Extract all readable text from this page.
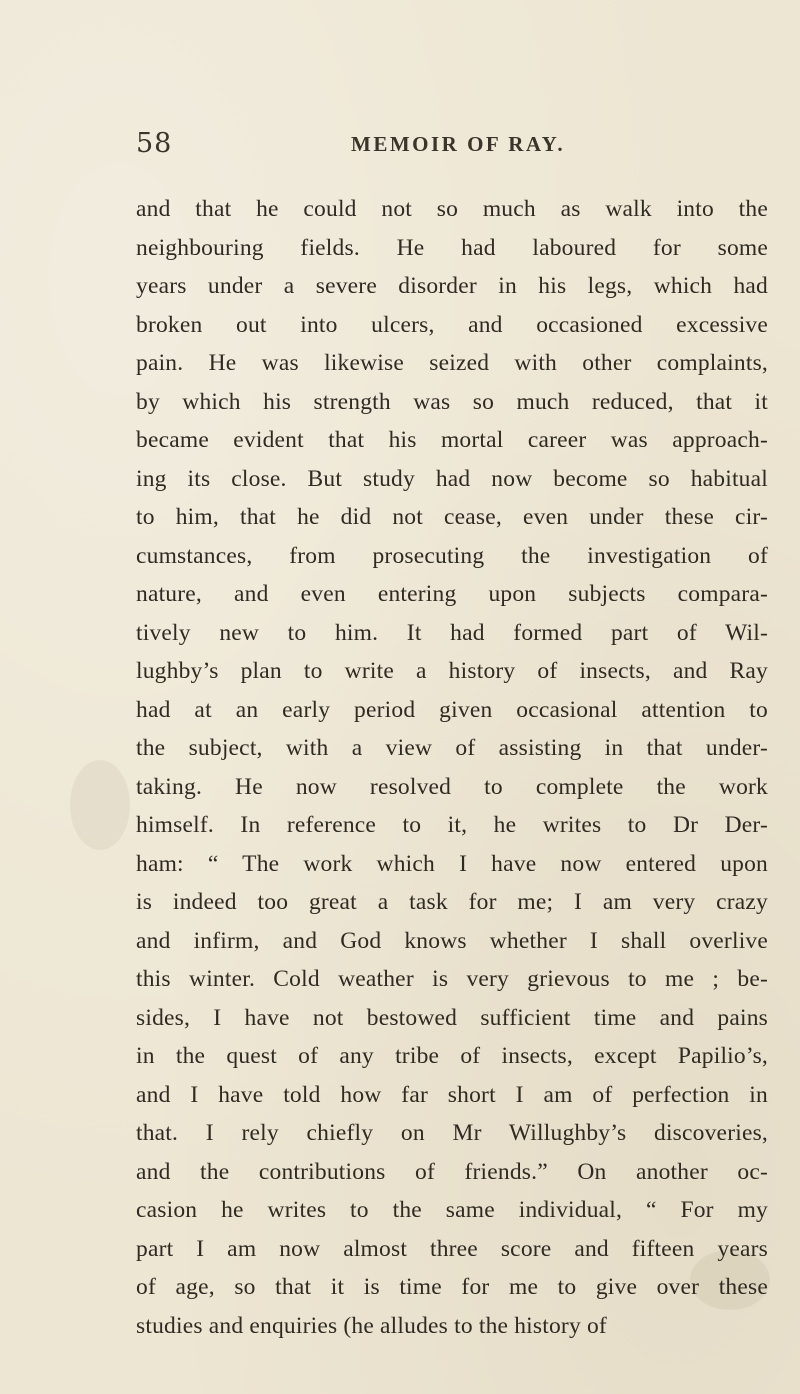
58	MEMOIR OF RAY.
and that he could not so much as walk into the
neighbouring fields. He had laboured for some
years under a severe disorder in his legs, which had
broken out into ulcers, and occasioned excessive
pain. He was likewise seized with other complaints,
by which his strength was so much reduced, that it
became evident that his mortal career was approach-
ing its close. But study had now become so habitual
to him, that he did not cease, even under these cir-
cumstances, from prosecuting the investigation of
nature, and even entering upon subjects compara-
tively new to him. It had formed part of Wil-
lughby’s plan to write a history of insects, and Ray
had at an early period given occasional attention to
the subject, with a view of assisting in that under-
taking. He now resolved to complete the work
himself. In reference to it, he writes to Dr Der-
ham: “ The work which I have now entered upon
is indeed too great a task for me; I am very crazy
and infirm, and God knows whether I shall overlive
this winter. Cold weather is very grievous to me ; be-
sides, I have not bestowed sufficient time and pains
in the quest of any tribe of insects, except Papilio’s,
and I have told how far short I am of perfection in
that. I rely chiefly on Mr Willughby’s discoveries,
and the contributions of friends.” On another oc-
casion he writes to the same individual, “ For my
part I am now almost three score and fifteen years
of age, so that it is time for me to give over these
studies and enquiries (he alludes to the history of
